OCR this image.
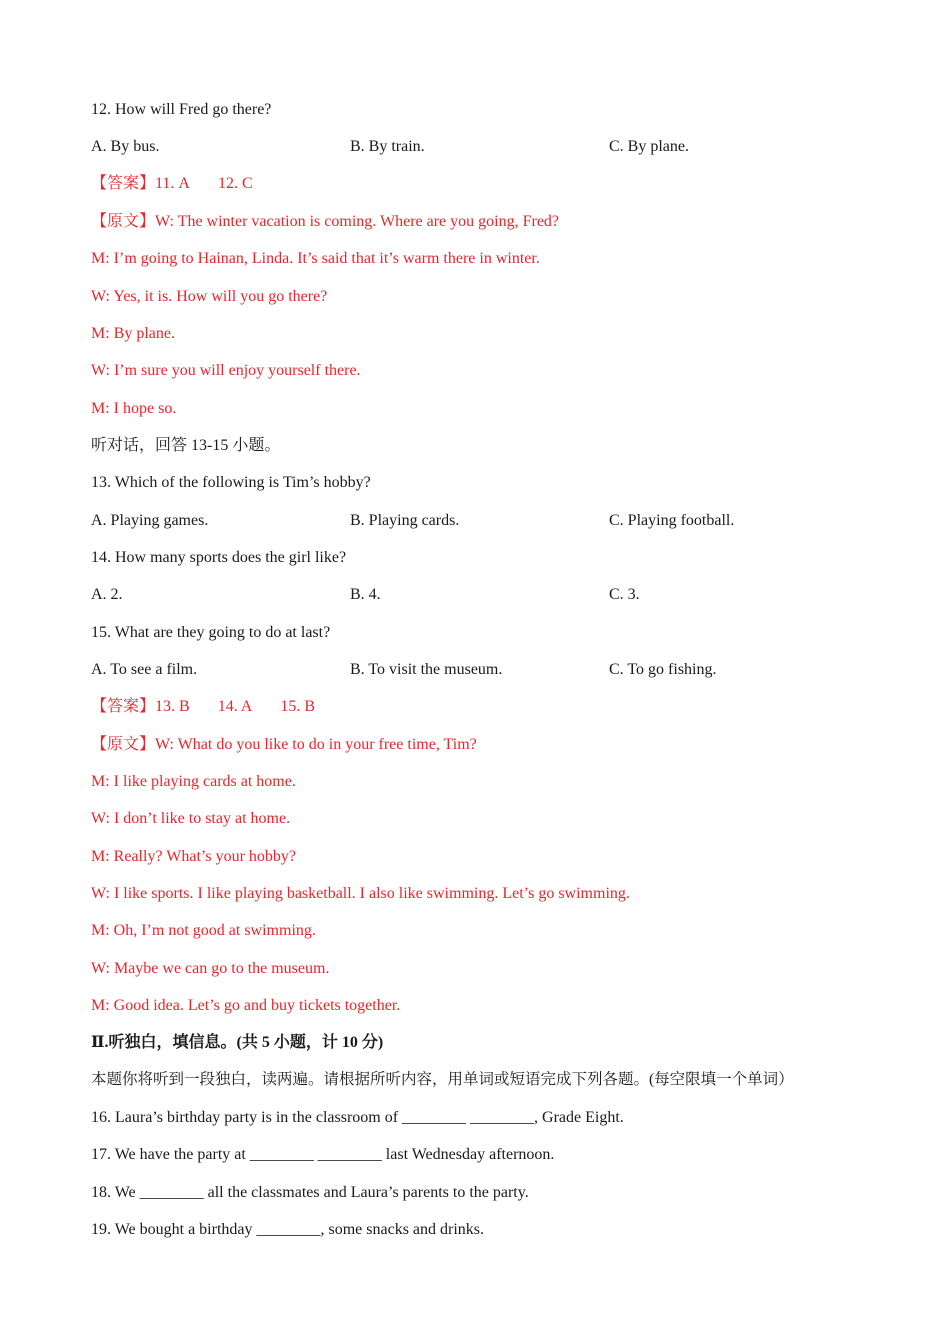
12. How will Fred go there?
A. By bus.	B. By train.	C. By plane.
【答案】11. A 12. C
【原文】W: The winter vacation is coming. Where are you going, Fred?
M: I’m going to Hainan, Linda. It’s said that it’s warm there in winter.
W: Yes, it is. How will you go there?
M: By plane.
W: I’m sure you will enjoy yourself there.
M: I hope so.
听对话，回答 13-15 小题。
13. Which of the following is Tim’s hobby?
A. Playing games.	B. Playing cards.	C. Playing football.
14. How many sports does the girl like?
A. 2.	B. 4.	C. 3.
15. What are they going to do at last?
A. To see a film.	B. To visit the museum.	C. To go fishing.
【答案】13. B 14. A 15. B
【原文】W: What do you like to do in your free time, Tim?
M: I like playing cards at home.
W: I don’t like to stay at home.
M: Really? What’s your hobby?
W: I like sports. I like playing basketball. I also like swimming. Let’s go swimming.
M: Oh, I’m not good at swimming.
W: Maybe we can go to the museum.
M: Good idea. Let’s go and buy tickets together.
Ⅱ.听独白，填信息。(共 5 小题，计 10 分)
本题你将听到一段独白，读两遍。请根据所听内容，用单词或短语完成下列各题。(每空限填一个单词）
16. Laura’s birthday party is in the classroom of ________ ________, Grade Eight.
17. We have the party at ________ ________ last Wednesday afternoon.
18. We ________ all the classmates and Laura’s parents to the party.
19. We bought a birthday ________, some snacks and drinks.
